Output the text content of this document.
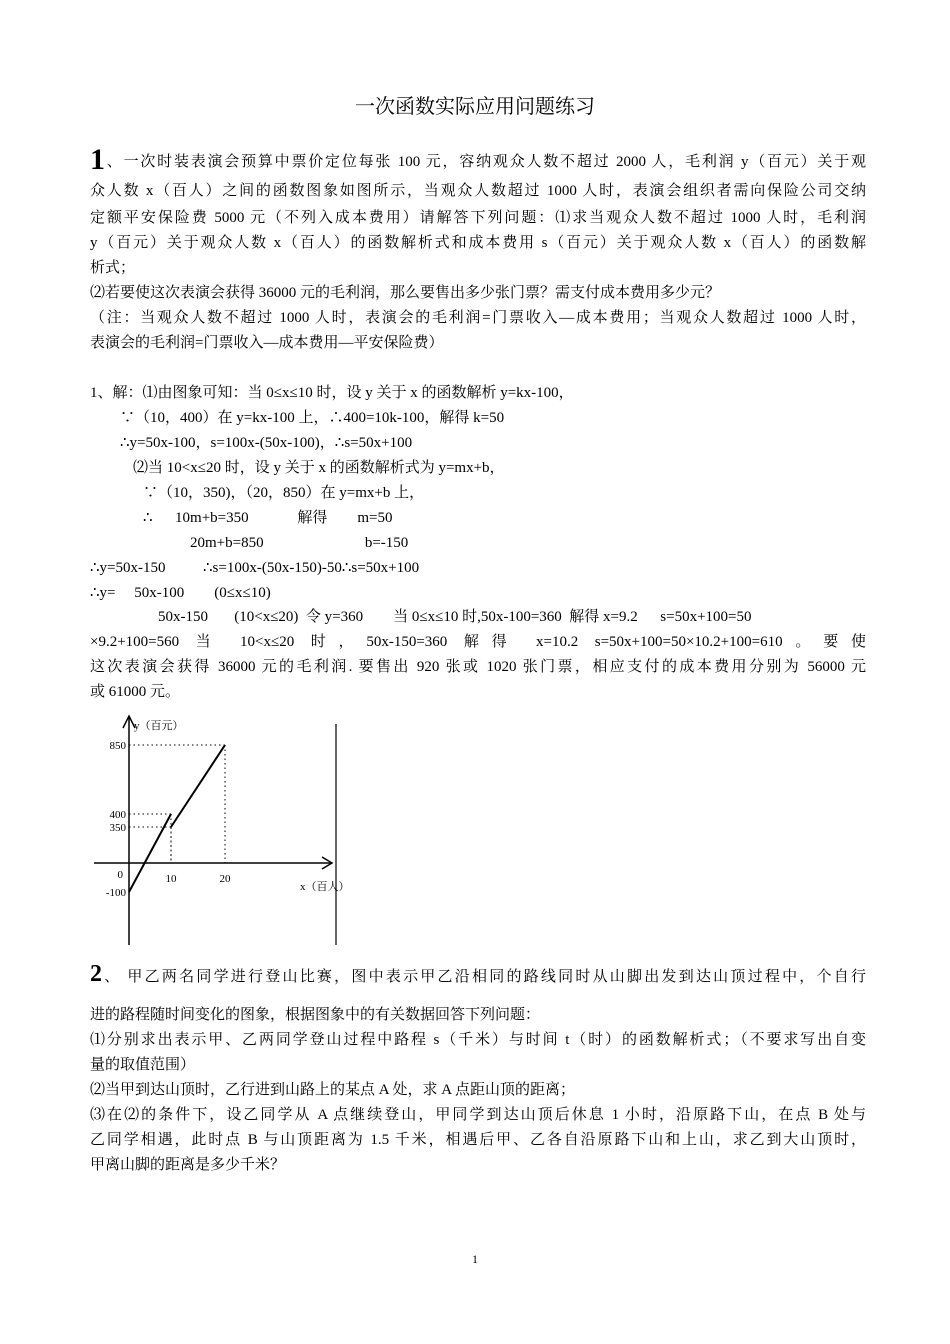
一次函数实际应用问题练习
1、一次时装表演会预算中票价定位每张 100 元，容纳观众人数不超过 2000 人，毛利润 y（百元）关于观
众人数 x（百人）之间的函数图象如图所示，当观众人数超过 1000 人时，表演会组织者需向保险公司交纳
定额平安保险费 5000 元（不列入成本费用）请解答下列问题：⑴求当观众人数不超过 1000 人时，毛利润
y（百元）关于观众人数 x（百人）的函数解析式和成本费用 s（百元）关于观众人数 x（百人）的函数解
析式；
⑵若要使这次表演会获得 36000 元的毛利润，那么要售出多少张门票？需支付成本费用多少元？
（注：当观众人数不超过 1000 人时，表演会的毛利润=门票收入—成本费用；当观众人数超过 1000 人时，
表演会的毛利润=门票收入—成本费用—平安保险费）
1、解：⑴由图象可知：当 0≤x≤10 时，设 y 关于 x 的函数解析 y=kx-100，
∵（10，400）在 y=kx-100 上，∴400=10k-100，解得 k=50
∴y=50x-100，s=100x-(50x-100)，∴s=50x+100
⑵当 10<x≤20 时，设 y 关于 x 的函数解析式为 y=mx+b，
∵（10，350)，（20，850）在 y=mx+b 上，
∴      10m+b=350             解得        m=50
20m+b=850                           b=-150
∴y=50x-150          ∴s=100x-(50x-150)-50∴s=50x+100
∴y=     50x-100        (0≤x≤10)
50x-150       (10<x≤20)  令 y=360        当 0≤x≤10 时,50x-100=360  解得 x=9.2      s=50x+100=50
×9.2+100=560 当 10<x≤20 时，50x-150=360 解得 x=10.2 s=50x+100=50×10.2+100=610。要使
这次表演会获得 36000 元的毛利润. 要售出 920 张或 1020 张门票，相应支付的成本费用分别为 56000 元
或 61000 元。
10	20
850
400
350
-100
0
x（百人）
y（百元）
2、 甲乙两名同学进行登山比赛，图中表示甲乙沿相同的路线同时从山脚出发到达山顶过程中，个自行
进的路程随时间变化的图象，根据图象中的有关数据回答下列问题：
⑴分别求出表示甲、乙两同学登山过程中路程 s（千米）与时间 t（时）的函数解析式；（不要求写出自变
量的取值范围）
⑵当甲到达山顶时，乙行进到山路上的某点 A 处，求 A 点距山顶的距离；
⑶在⑵的条件下，设乙同学从 A 点继续登山，甲同学到达山顶后休息 1 小时，沿原路下山，在点 B 处与
乙同学相遇，此时点 B 与山顶距离为 1.5 千米，相遇后甲、乙各自沿原路下山和上山，求乙到大山顶时，
甲离山脚的距离是多少千米？
1
